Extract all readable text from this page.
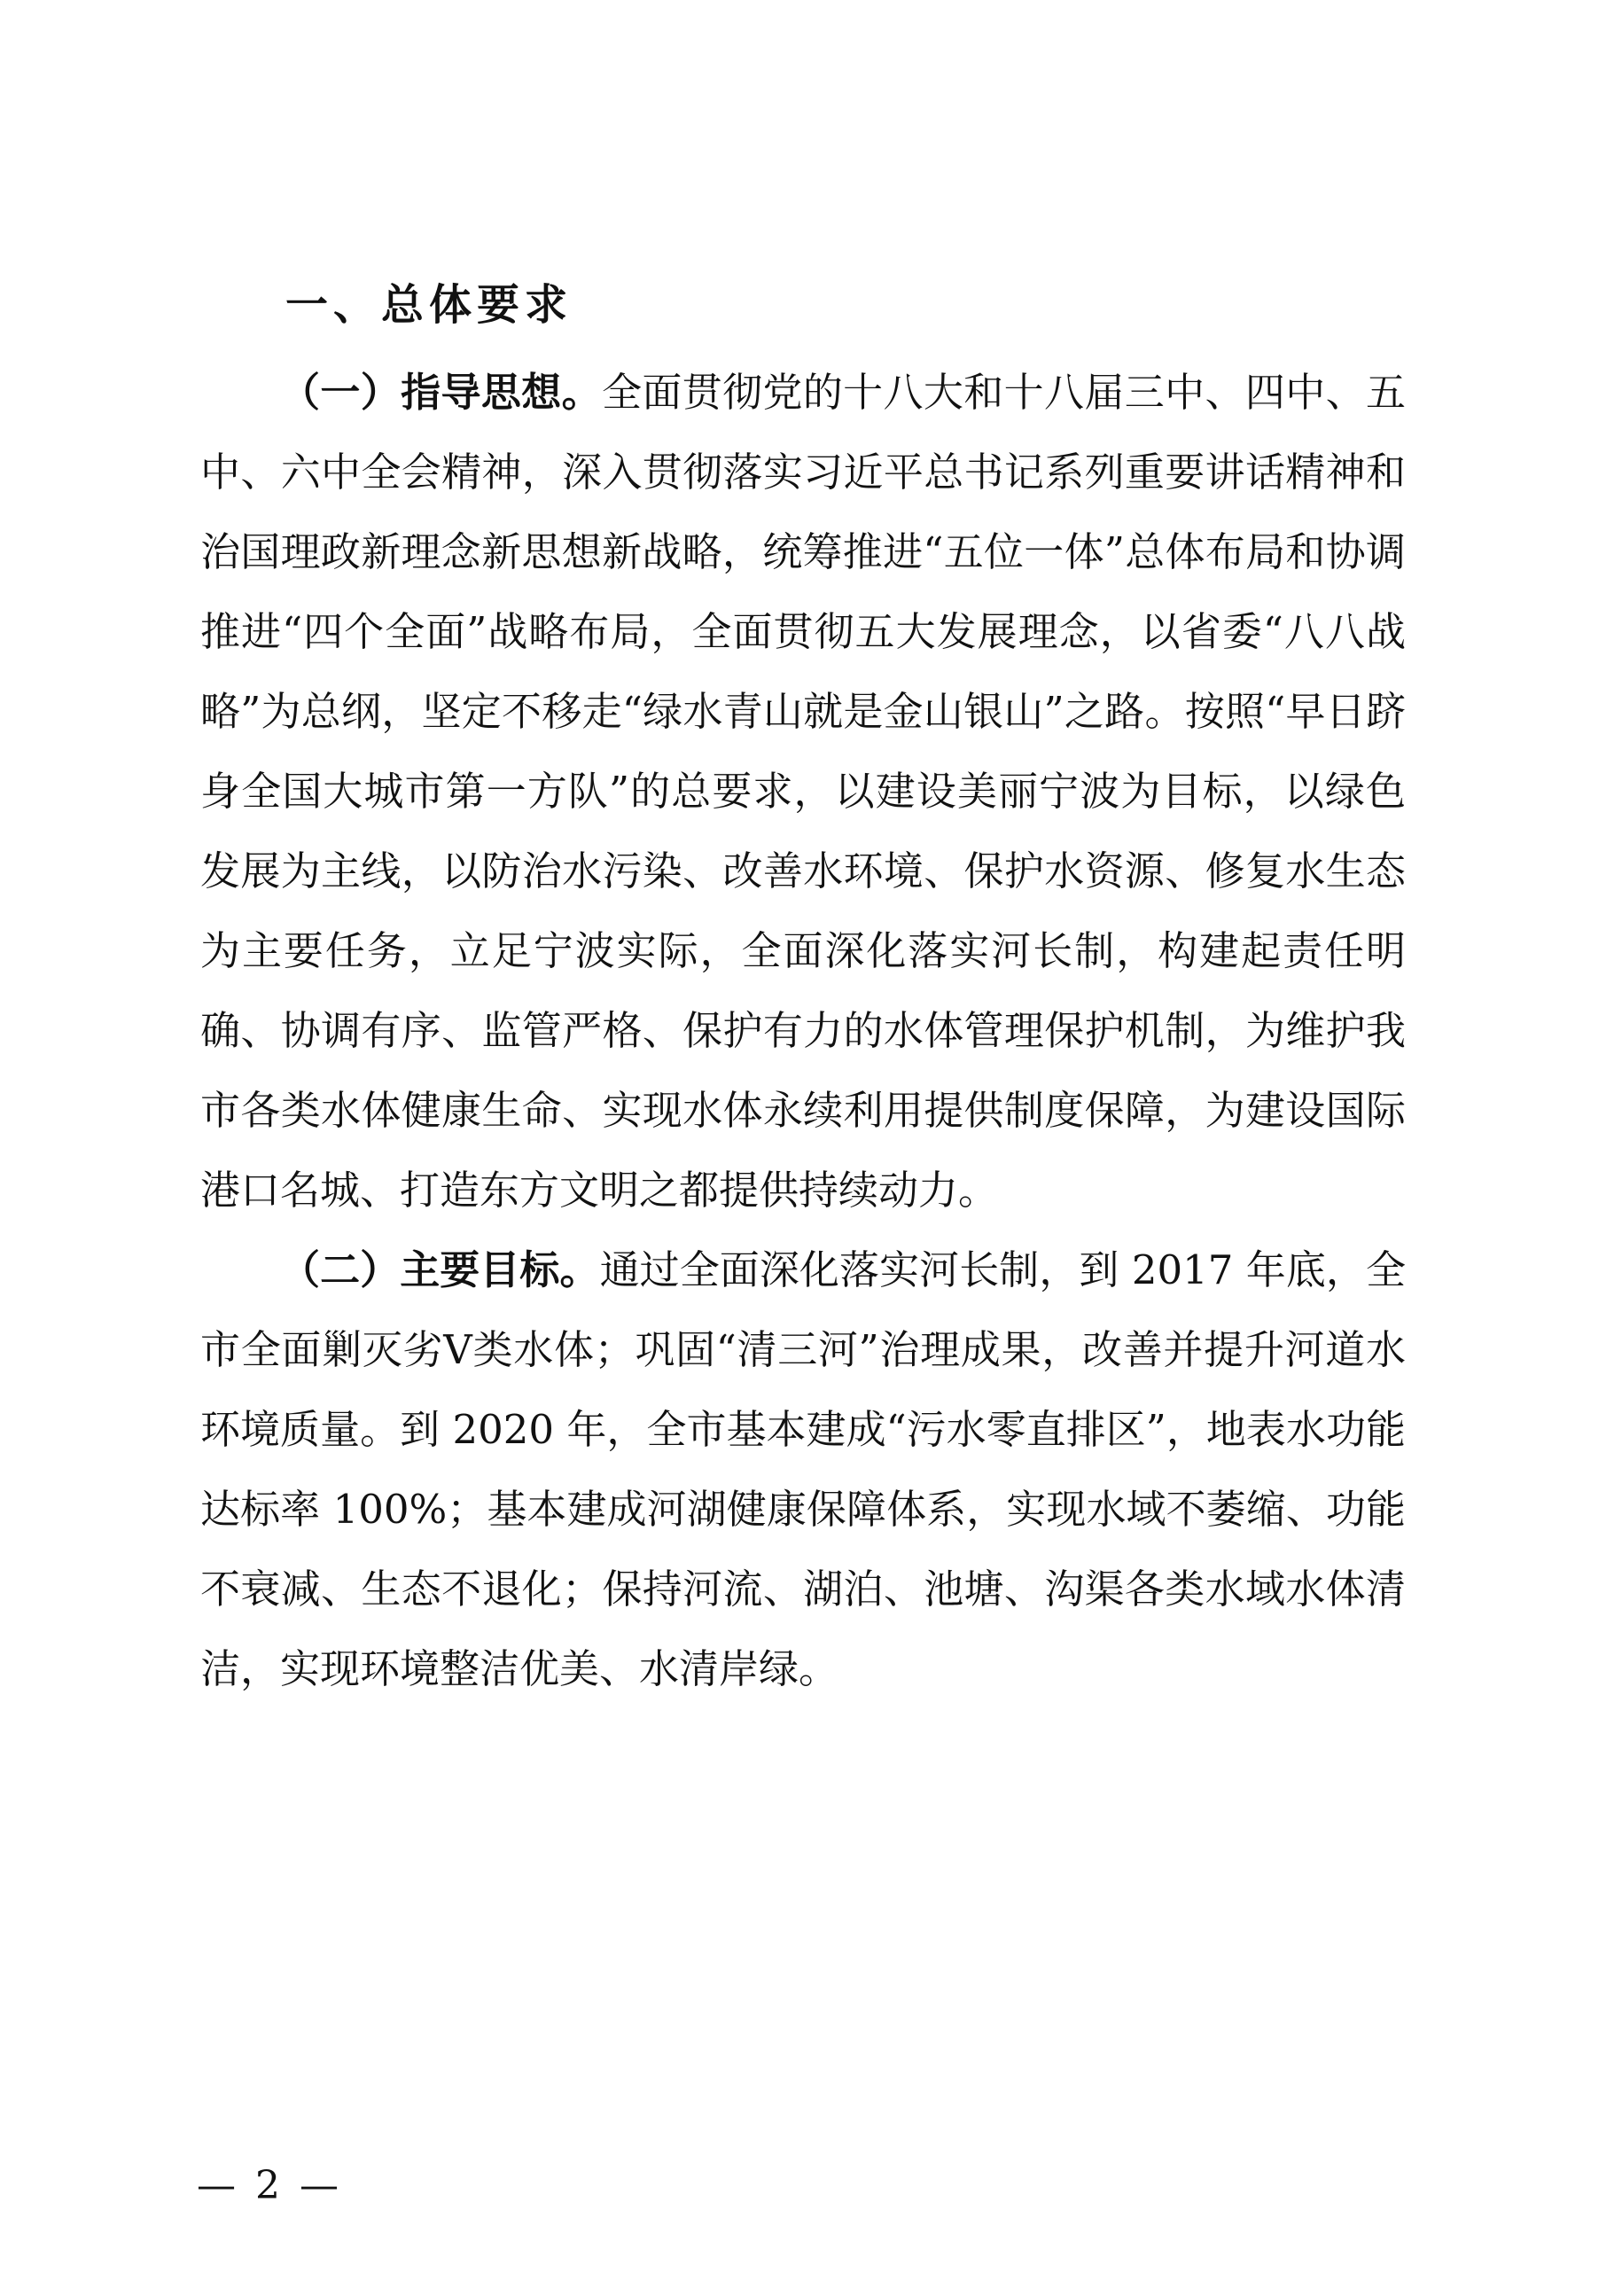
一、总体要求

（一）指导思想。全面贯彻党的十八大和十八届三中、四中、五中、六中全会精神，深入贯彻落实习近平总书记系列重要讲话精神和治国理政新理念新思想新战略，统筹推进“五位一体”总体布局和协调推进“四个全面”战略布局，全面贯彻五大发展理念，以省委“八八战略”为总纲，坚定不移走“绿水青山就是金山银山”之路。按照“早日跻身全国大城市第一方队”的总要求，以建设美丽宁波为目标，以绿色发展为主线，以防治水污染、改善水环境、保护水资源、修复水生态为主要任务，立足宁波实际，全面深化落实河长制，构建起责任明确、协调有序、监管严格、保护有力的水体管理保护机制，为维护我市各类水体健康生命、实现水体永续利用提供制度保障，为建设国际港口名城、打造东方文明之都提供持续动力。

（二）主要目标。通过全面深化落实河长制，到 2017 年底，全市全面剿灭劣Ⅴ类水体；巩固“清三河”治理成果，改善并提升河道水环境质量。到 2020 年，全市基本建成“污水零直排区”，地表水功能达标率 100%；基本建成河湖健康保障体系，实现水域不萎缩、功能不衰减、生态不退化；保持河流、湖泊、池塘、沟渠各类水域水体清洁，实现环境整洁优美、水清岸绿。

— 2 —
